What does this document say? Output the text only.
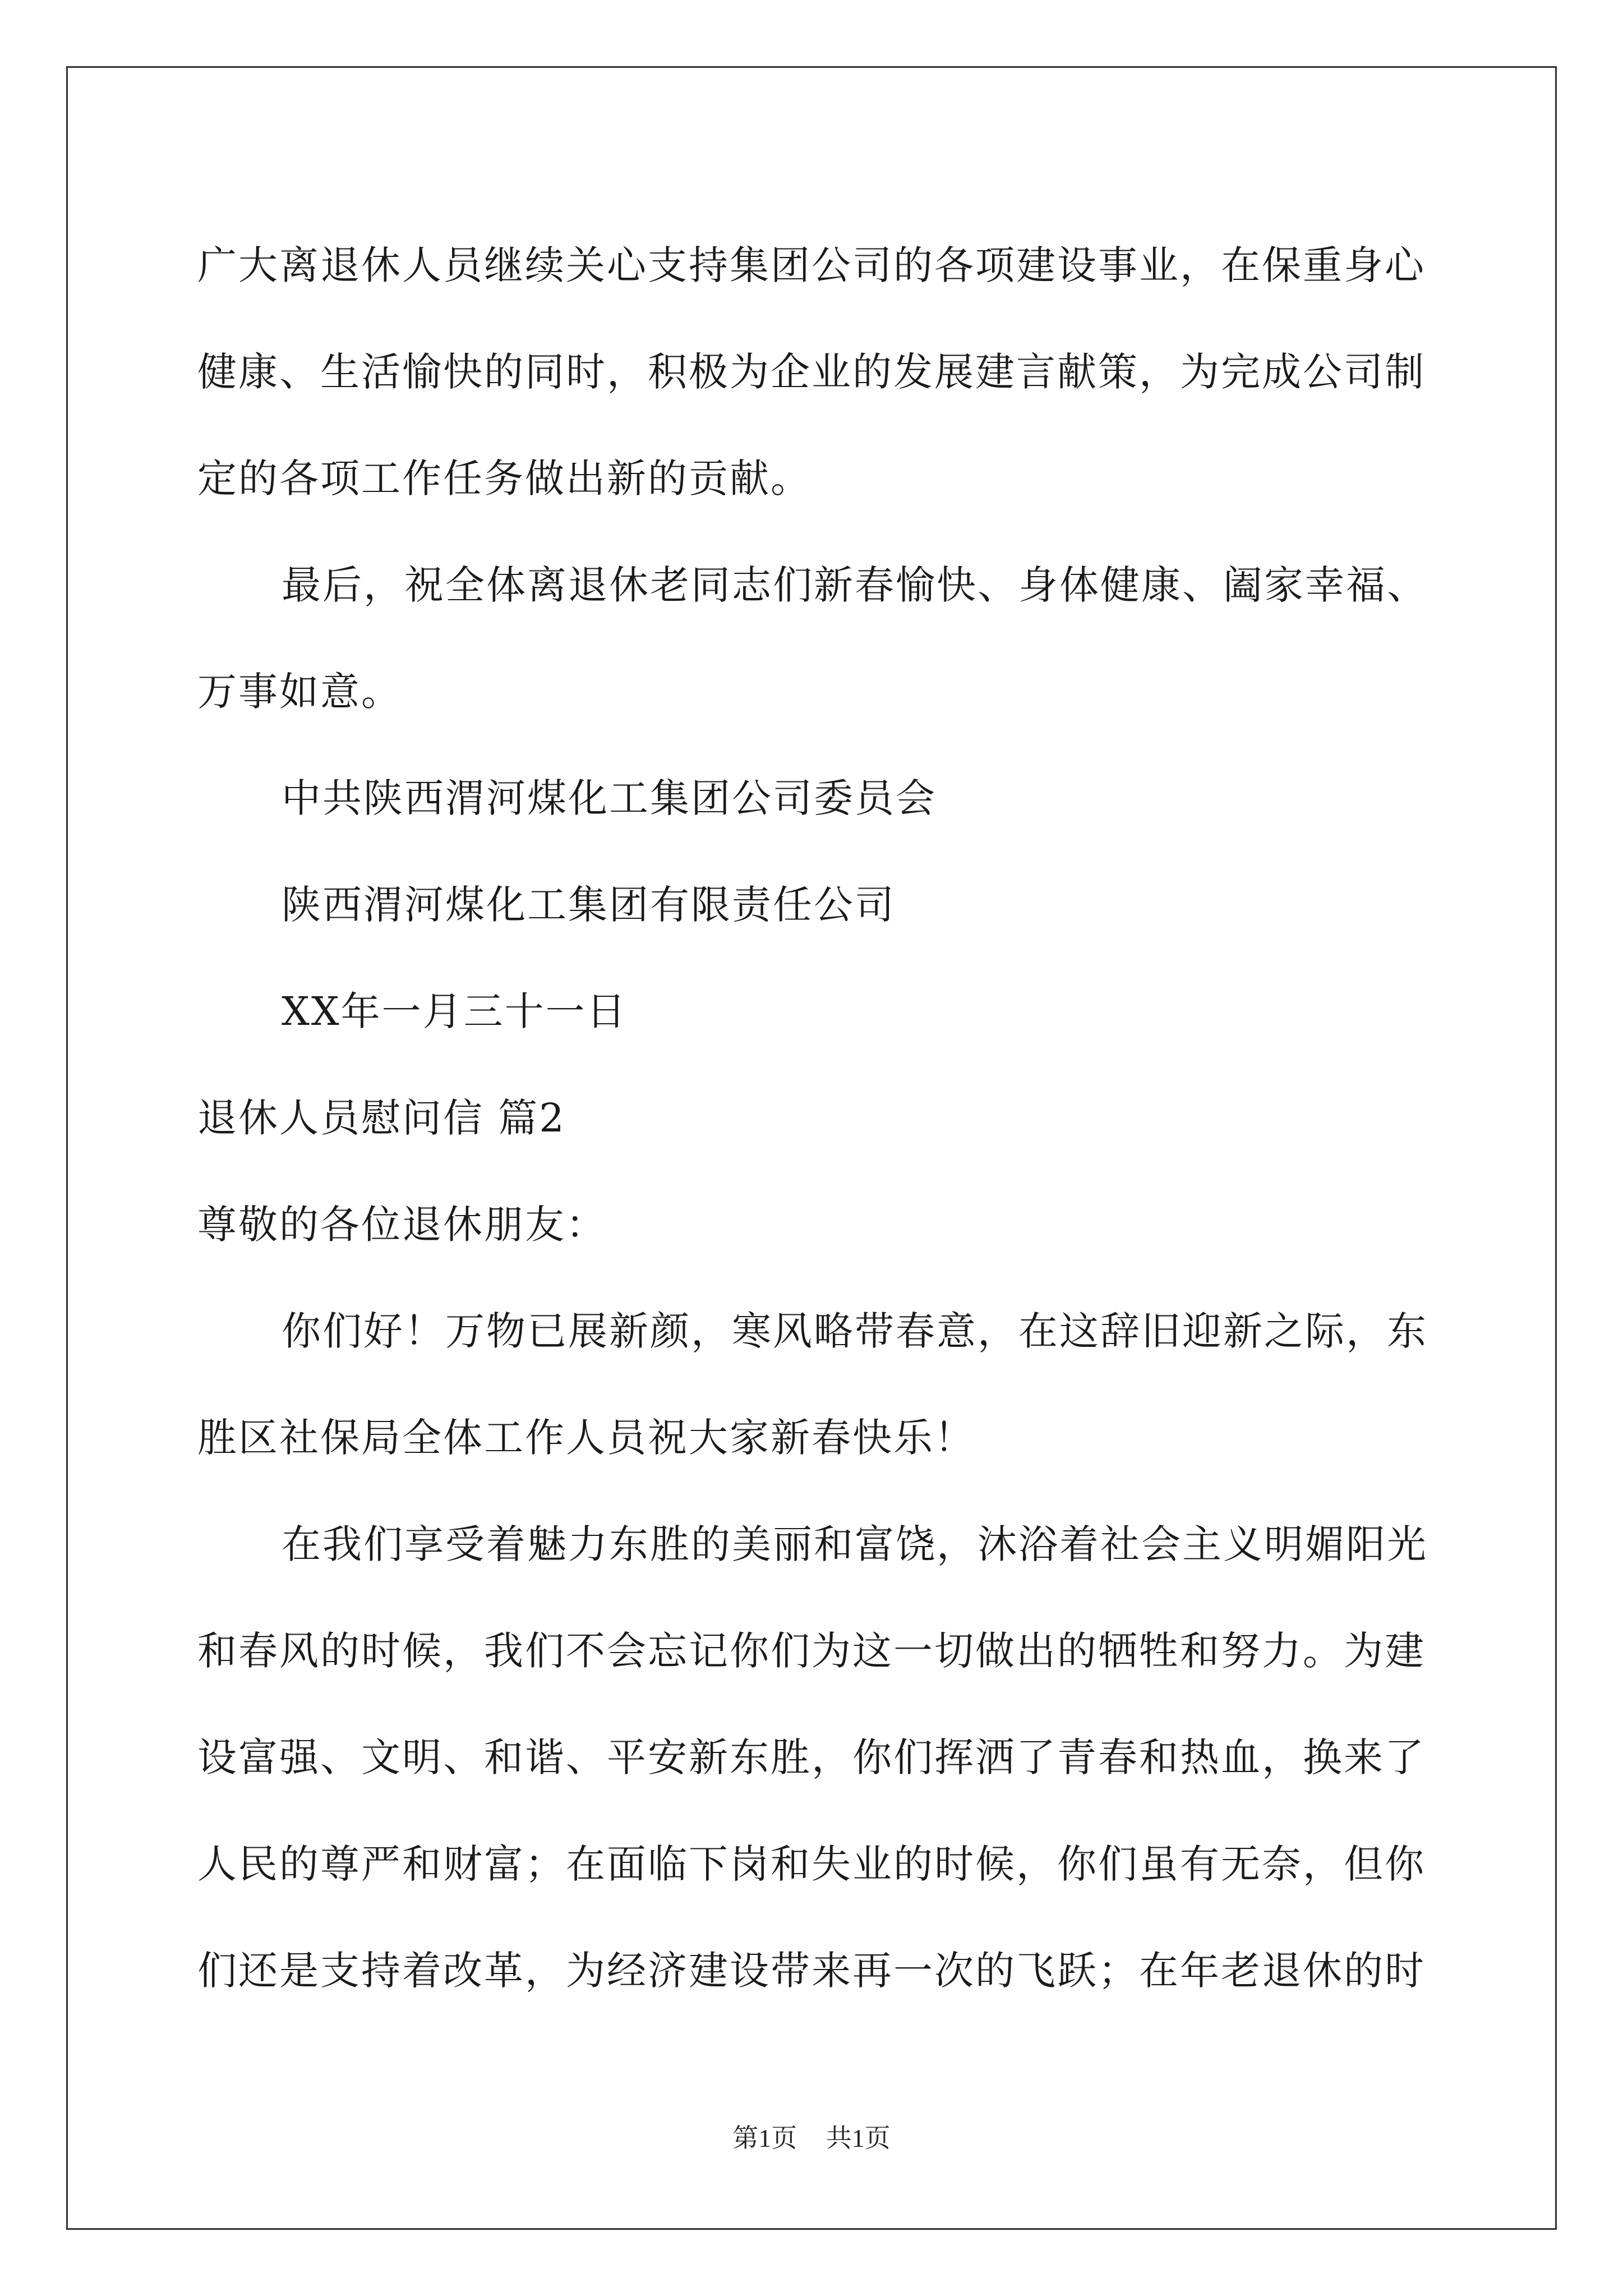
广大离退休人员继续关心支持集团公司的各项建设事业，在保重身心
健康、生活愉快的同时，积极为企业的发展建言献策，为完成公司制
定的各项工作任务做出新的贡献。
最后，祝全体离退休老同志们新春愉快、身体健康、阖家幸福、
万事如意。
中共陕西渭河煤化工集团公司委员会
陕西渭河煤化工集团有限责任公司
XX年一月三十一日
退休人员慰问信 篇2
尊敬的各位退休朋友：
你们好！万物已展新颜，寒风略带春意，在这辞旧迎新之际，东
胜区社保局全体工作人员祝大家新春快乐！
在我们享受着魅力东胜的美丽和富饶，沐浴着社会主义明媚阳光
和春风的时候，我们不会忘记你们为这一切做出的牺牲和努力。为建
设富强、文明、和谐、平安新东胜，你们挥洒了青春和热血，换来了
人民的尊严和财富；在面临下岗和失业的时候，你们虽有无奈，但你
们还是支持着改革，为经济建设带来再一次的飞跃；在年老退休的时
第1页 共1页
